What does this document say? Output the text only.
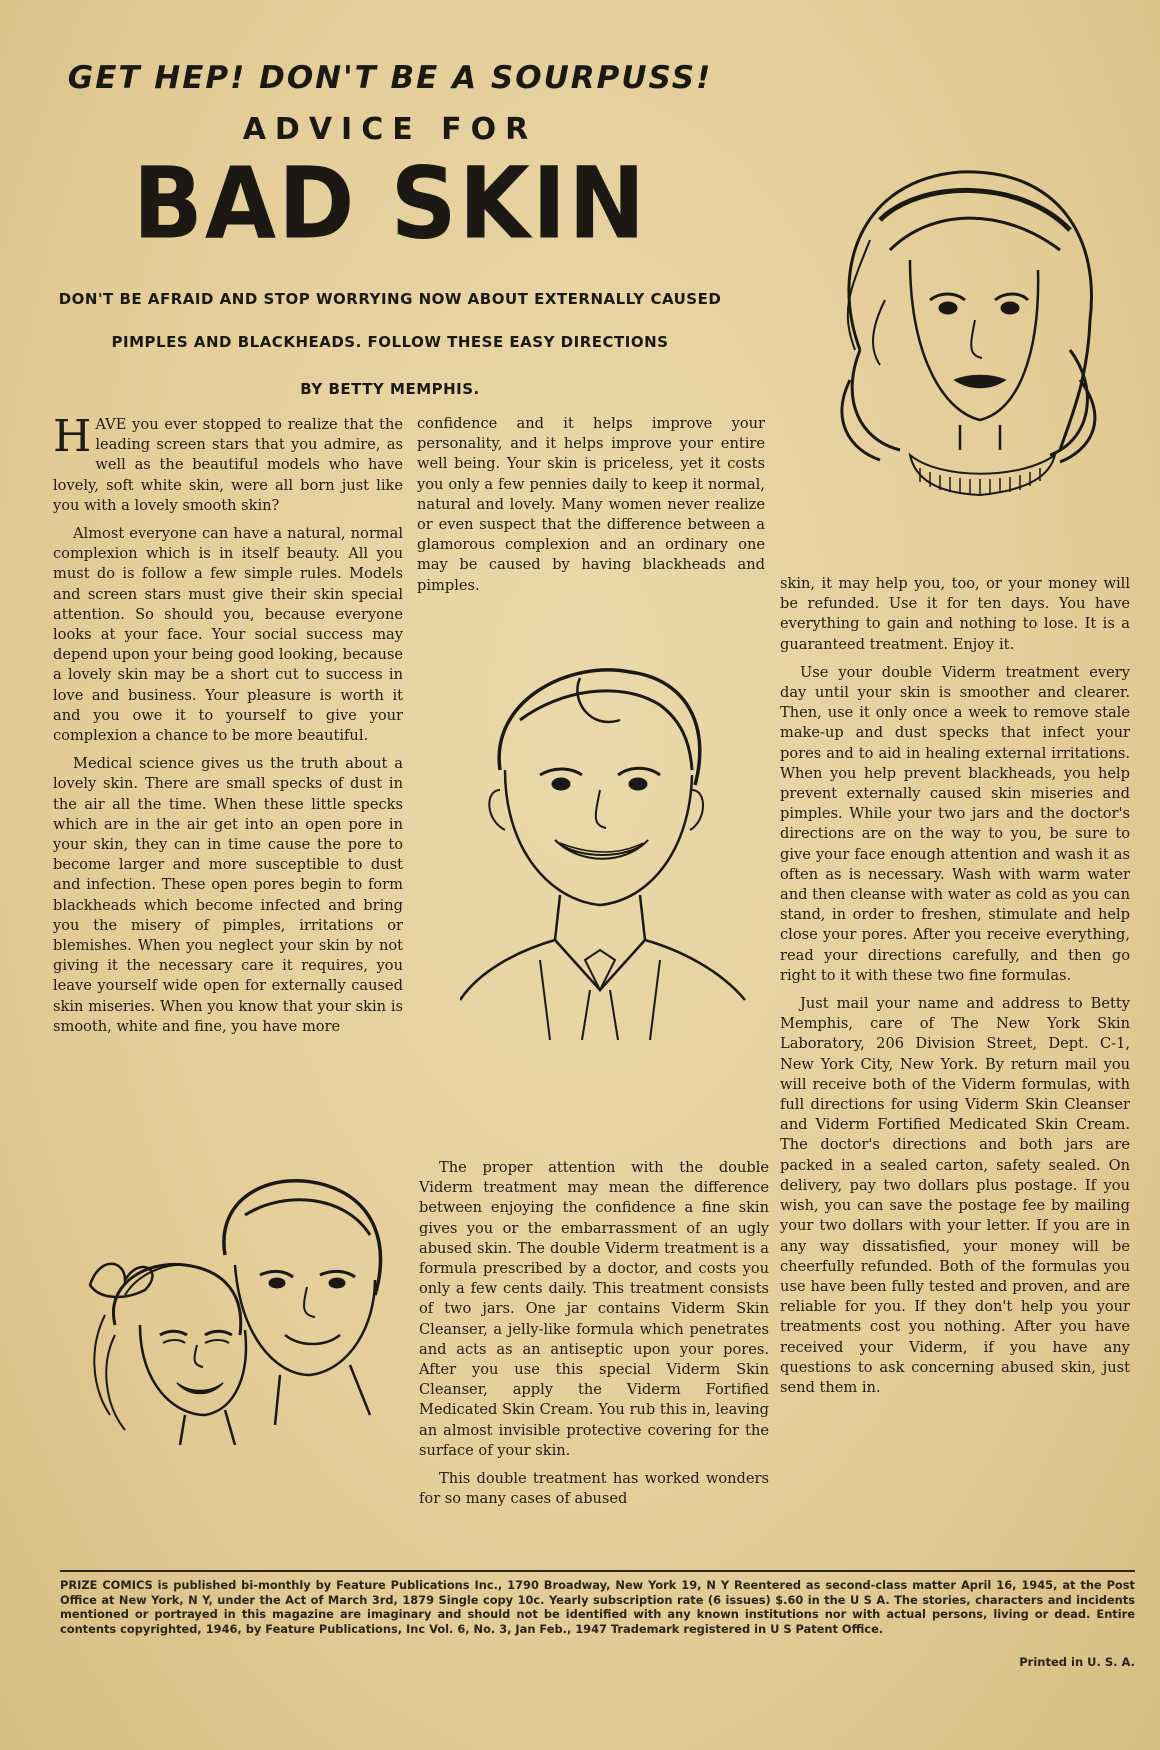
GET HEP! DON'T BE A SOURPUSS!
ADVICE FOR
BAD SKIN
DON'T BE AFRAID AND STOP WORRYING NOW ABOUT EXTERNALLY CAUSED
PIMPLES AND BLACKHEADS. FOLLOW THESE EASY DIRECTIONS
BY BETTY MEMPHIS.

HAVE you ever stopped to realize that the leading screen stars that you admire, as well as the beautiful models who have lovely, soft white skin, were all born just like you with a lovely smooth skin?

Almost everyone can have a natural, normal complexion which is in itself beauty. All you must do is follow a few simple rules. Models and screen stars must give their skin special attention. So should you, because everyone looks at your face. Your social success may depend upon your being good looking, because a lovely skin may be a short cut to success in love and business. Your pleasure is worth it and you owe it to yourself to give your complexion a chance to be more beautiful.

Medical science gives us the truth about a lovely skin. There are small specks of dust in the air all the time. When these little specks which are in the air get into an open pore in your skin, they can in time cause the pore to become larger and more susceptible to dust and infection. These open pores begin to form blackheads which become infected and bring you the misery of pimples, irritations or blemishes. When you neglect your skin by not giving it the necessary care it requires, you leave yourself wide open for externally caused skin miseries. When you know that your skin is smooth, white and fine, you have more

confidence and it helps improve your personality, and it helps improve your entire well being. Your skin is priceless, yet it costs you only a few pennies daily to keep it normal, natural and lovely. Many women never realize or even suspect that the difference between a glamorous complexion and an ordinary one may be caused by having blackheads and pimples.

The proper attention with the double Viderm treatment may mean the difference between enjoying the confidence a fine skin gives you or the embarrassment of an ugly abused skin. The double Viderm treatment is a formula prescribed by a doctor, and costs you only a few cents daily. This treatment consists of two jars. One jar contains Viderm Skin Cleanser, a jelly-like formula which penetrates and acts as an antiseptic upon your pores. After you use this special Viderm Skin Cleanser, apply the Viderm Fortified Medicated Skin Cream. You rub this in, leaving an almost invisible protective covering for the surface of your skin.

This double treatment has worked wonders for so many cases of abused

skin, it may help you, too, or your money will be refunded. Use it for ten days. You have everything to gain and nothing to lose. It is a guaranteed treatment. Enjoy it.

Use your double Viderm treatment every day until your skin is smoother and clearer. Then, use it only once a week to remove stale make-up and dust specks that infect your pores and to aid in healing external irritations. When you help prevent blackheads, you help prevent externally caused skin miseries and pimples. While your two jars and the doctor's directions are on the way to you, be sure to give your face enough attention and wash it as often as is necessary. Wash with warm water and then cleanse with water as cold as you can stand, in order to freshen, stimulate and help close your pores. After you receive everything, read your directions carefully, and then go right to it with these two fine formulas.

Just mail your name and address to Betty Memphis, care of The New York Skin Laboratory, 206 Division Street, Dept. C-1, New York City, New York. By return mail you will receive both of the Viderm formulas, with full directions for using Viderm Skin Cleanser and Viderm Fortified Medicated Skin Cream. The doctor's directions and both jars are packed in a sealed carton, safety sealed. On delivery, pay two dollars plus postage. If you wish, you can save the postage fee by mailing your two dollars with your letter. If you are in any way dissatisfied, your money will be cheerfully refunded. Both of the formulas you use have been fully tested and proven, and are reliable for you. If they don't help you your treatments cost you nothing. After you have received your Viderm, if you have any questions to ask concerning abused skin, just send them in.

PRIZE COMICS is published bi-monthly by Feature Publications Inc., 1790 Broadway, New York 19, N Y Reentered as second-class matter April 16, 1945, at the Post Office at New York, N Y, under the Act of March 3rd, 1879 Single copy 10c. Yearly subscription rate (6 issues) $.60 in the U S A. The stories, characters and incidents mentioned or portrayed in this magazine are imaginary and should not be identified with any known institutions nor with actual persons, living or dead. Entire contents copyrighted, 1946, by Feature Publications, Inc Vol. 6, No. 3, Jan Feb., 1947 Trademark registered in U S Patent Office.
Printed in U. S. A.
